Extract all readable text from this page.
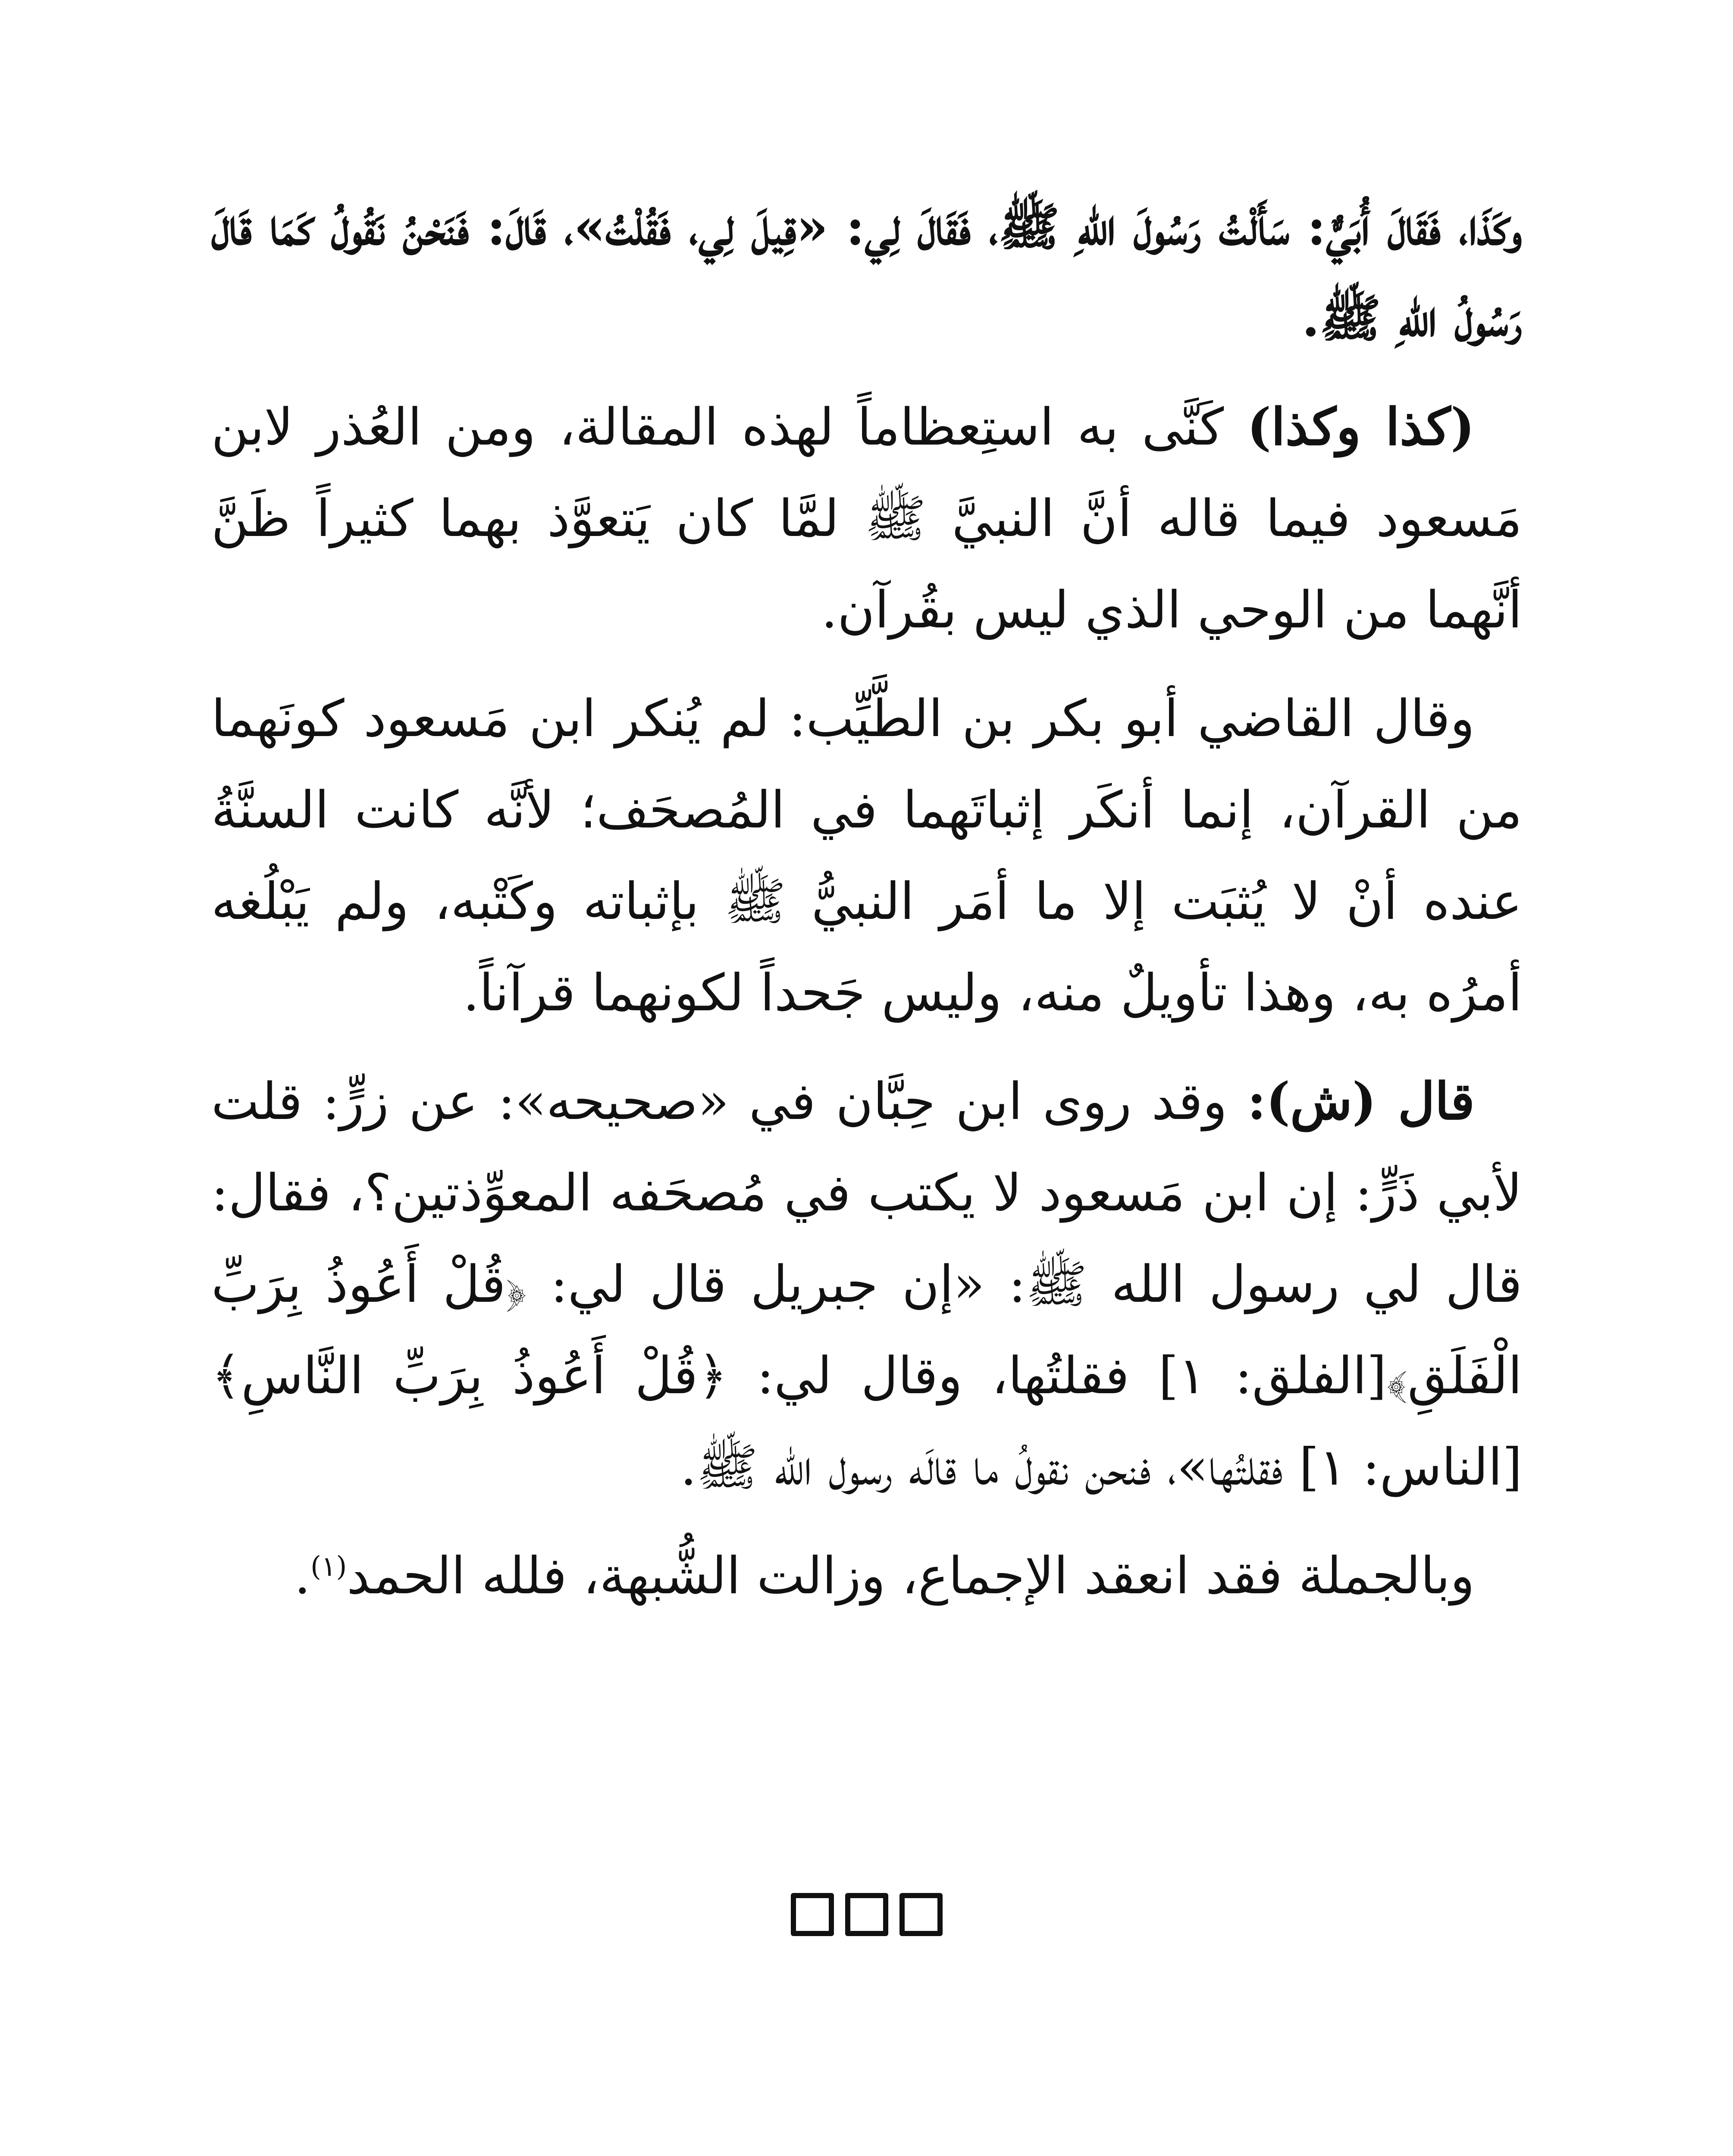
وكَذَا، فَقَالَ أُبَيٌّ: سَأَلْتُ رَسُولَ اللهِ ﷺ، فَقَالَ لِي: «قِيلَ لِي، فَقُلْتُ»، قَالَ: فَنَحْنُ نَقُولُ كَمَا قَالَ رَسُولُ اللهِ ﷺ.

(كذا وكذا) كَنَّى به استِعظاماً لهذه المقالة، ومن العُذر لابن مَسعود فيما قاله أنَّ النبيَّ ﷺ لمَّا كان يَتعوَّذ بهما كثيراً ظَنَّ أنَّهما من الوحي الذي ليس بقُرآن.

وقال القاضي أبو بكر بن الطَّيِّب: لم يُنكر ابن مَسعود كونَهما من القرآن، إنما أنكَر إثباتَهما في المُصحَف؛ لأنَّه كانت السنَّةُ عنده أنْ لا يُثبَت إلا ما أمَر النبيُّ ﷺ بإثباته وكَتْبه، ولم يَبْلُغه أمرُه به، وهذا تأويلٌ منه، وليس جَحداً لكونهما قرآناً.

قال (ش): وقد روى ابن حِبَّان في «صحيحه»: عن زرٍّ: قلت لأبي ذَرٍّ: إن ابن مَسعود لا يكتب في مُصحَفه المعوِّذتين؟، فقال: قال لي رسول الله ﷺ: «إن جبريل قال لي: ﴿قُلْ أَعُوذُ بِرَبِّ الْفَلَقِ﴾[الفلق: ١] فقلتُها، وقال لي: ﴿قُلْ أَعُوذُ بِرَبِّ النَّاسِ﴾[الناس: ١] فقلتُها»، فنحن نقولُ ما قالَه رسول الله ﷺ.

وبالجملة فقد انعقد الإجماع، وزالت الشُّبهة، فلله الحمد$^{(١)}$.
